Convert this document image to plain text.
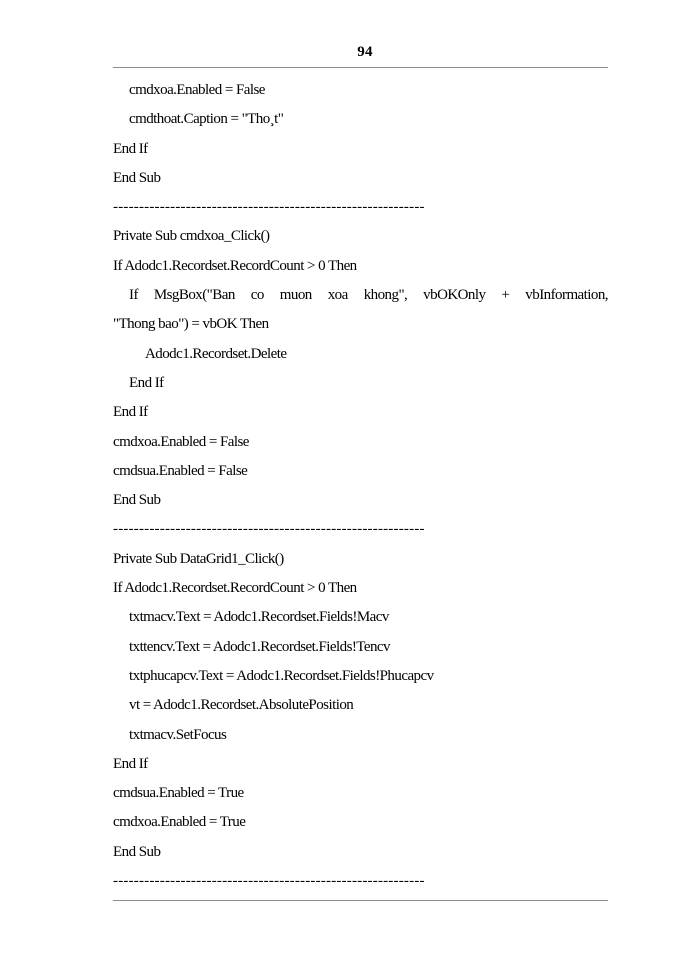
94
cmdxoa.Enabled = False
cmdthoat.Caption = "Tho¸t"
End If
End Sub
------------------------------------------------------------
Private Sub cmdxoa_Click()
If Adodc1.Recordset.RecordCount > 0 Then
If MsgBox("Ban co muon xoa khong", vbOKOnly + vbInformation,
"Thong bao") = vbOK Then
Adodc1.Recordset.Delete
End If
End If
cmdxoa.Enabled = False
cmdsua.Enabled = False
End Sub
------------------------------------------------------------
Private Sub DataGrid1_Click()
If Adodc1.Recordset.RecordCount > 0 Then
txtmacv.Text = Adodc1.Recordset.Fields!Macv
txttencv.Text = Adodc1.Recordset.Fields!Tencv
txtphucapcv.Text = Adodc1.Recordset.Fields!Phucapcv
vt = Adodc1.Recordset.AbsolutePosition
txtmacv.SetFocus
End If
cmdsua.Enabled = True
cmdxoa.Enabled = True
End Sub
------------------------------------------------------------
